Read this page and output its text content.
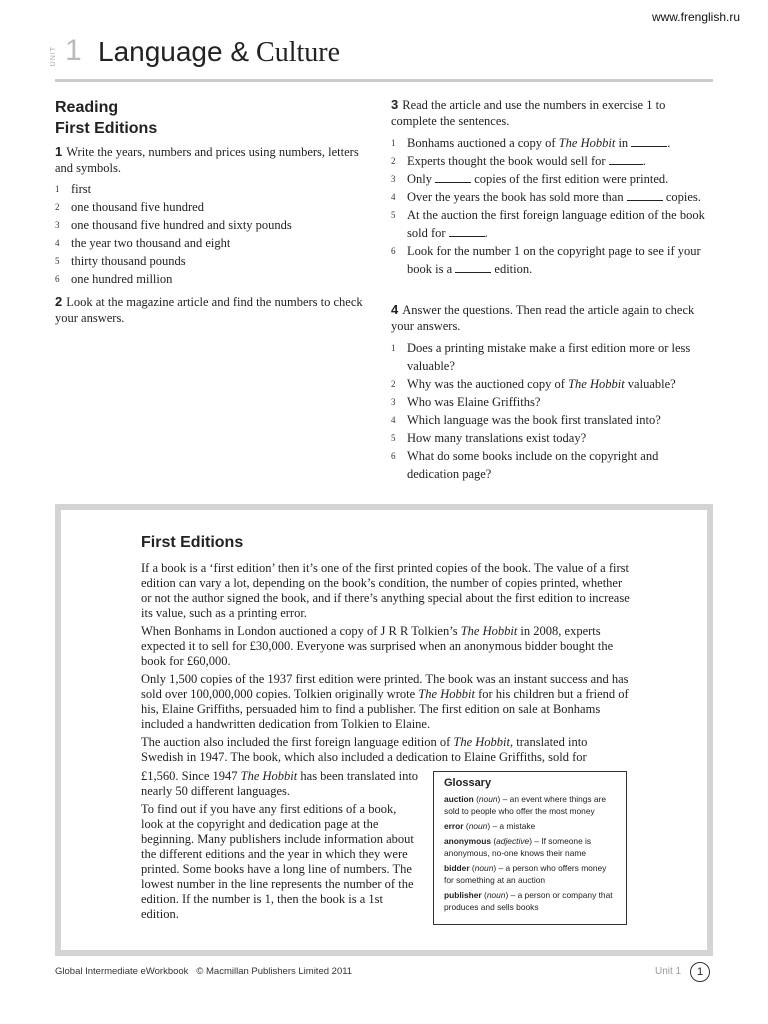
www.frenglish.ru
UNIT 1 Language & Culture
Reading
First Editions
1 Write the years, numbers and prices using numbers, letters and symbols.
1 first
2 one thousand five hundred
3 one thousand five hundred and sixty pounds
4 the year two thousand and eight
5 thirty thousand pounds
6 one hundred million
2 Look at the magazine article and find the numbers to check your answers.
3 Read the article and use the numbers in exercise 1 to complete the sentences.
1 Bonhams auctioned a copy of The Hobbit in	.
2 Experts thought the book would sell for	.
3 Only	copies of the first edition were printed.
4 Over the years the book has sold more than	copies.
5 At the auction the first foreign language edition of the book sold for	.
6 Look for the number 1 on the copyright page to see if your book is a	edition.
4 Answer the questions. Then read the article again to check your answers.
1 Does a printing mistake make a first edition more or less valuable?
2 Why was the auctioned copy of The Hobbit valuable?
3 Who was Elaine Griffiths?
4 Which language was the book first translated into?
5 How many translations exist today?
6 What do some books include on the copyright and dedication page?
First Editions

If a book is a ‘first edition’ then it’s one of the first printed copies of the book. The value of a first edition can vary a lot, depending on the book’s condition, the number of copies printed, whether or not the author signed the book, and if there’s anything special about the first edition to increase its value, such as a printing error.

When Bonhams in London auctioned a copy of J R R Tolkien’s The Hobbit in 2008, experts expected it to sell for £30,000. Everyone was surprised when an anonymous bidder bought the book for £60,000.

Only 1,500 copies of the 1937 first edition were printed. The book was an instant success and has sold over 100,000,000 copies. Tolkien originally wrote The Hobbit for his children but a friend of his, Elaine Griffiths, persuaded him to find a publisher. The first edition on sale at Bonhams included a handwritten dedication from Tolkien to Elaine.

The auction also included the first foreign language edition of The Hobbit, translated into Swedish in 1947. The book, which also included a dedication to Elaine Griffiths, sold for

£1,560. Since 1947 The Hobbit has been translated into nearly 50 different languages.

To find out if you have any first editions of a book, look at the copyright and dedication page at the beginning. Many publishers include information about the different editions and the year in which they were printed. Some books have a long line of numbers. The lowest number in the line represents the number of the edition. If the number is 1, then the book is a 1st edition.

Glossary
auction (noun) – an event where things are sold to people who offer the most money
error (noun) – a mistake
anonymous (adjective) – If someone is anonymous, no-one knows their name
bidder (noun) – a person who offers money for something at an auction
publisher (noun) – a person or company that produces and sells books
Global Intermediate eWorkbook © Macmillan Publishers Limited 2011	Unit 1	1
